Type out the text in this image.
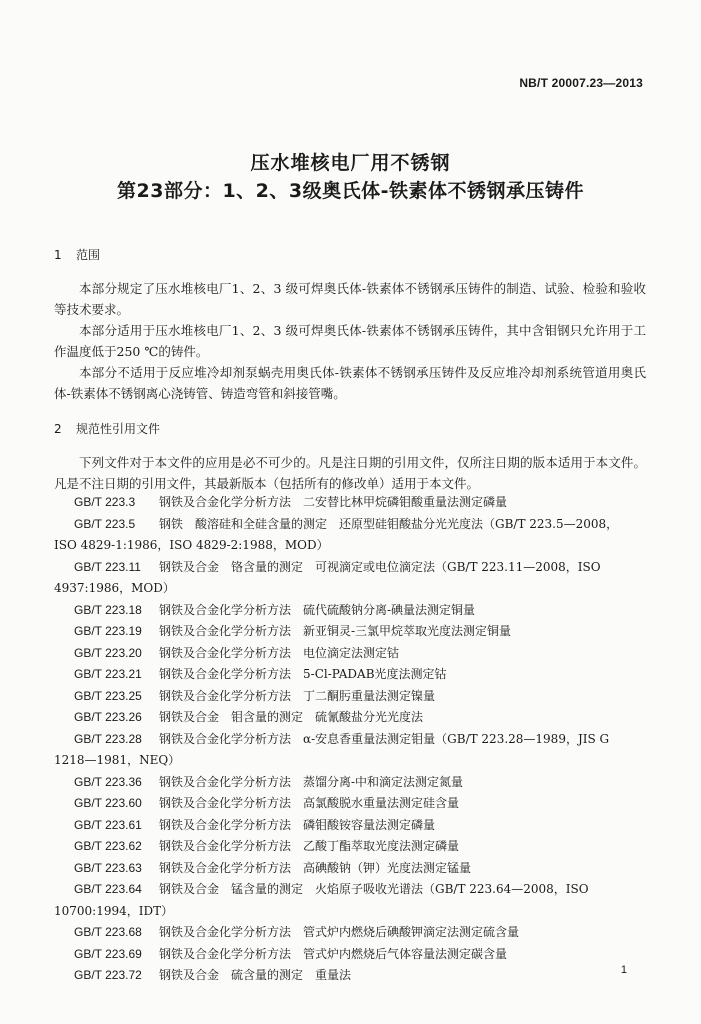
NB/T 20007.23—2013
压水堆核电厂用不锈钢
第23部分：1、2、3级奥氏体-铁素体不锈钢承压铸件
1 范围
本部分规定了压水堆核电厂1、2、3 级可焊奥氏体-铁素体不锈钢承压铸件的制造、试验、检验和验收等技术要求。
本部分适用于压水堆核电厂1、2、3 级可焊奥氏体-铁素体不锈钢承压铸件，其中含钼钢只允许用于工作温度低于250 ℃的铸件。
本部分不适用于反应堆冷却剂泵蜗壳用奥氏体-铁素体不锈钢承压铸件及反应堆冷却剂系统管道用奥氏体-铁素体不锈钢离心浇铸管、铸造弯管和斜接管嘴。
2 规范性引用文件
下列文件对于本文件的应用是必不可少的。凡是注日期的引用文件，仅所注日期的版本适用于本文件。凡是不注日期的引用文件，其最新版本（包括所有的修改单）适用于本文件。
GB/T 223.3 钢铁及合金化学分析方法　二安替比林甲烷磷钼酸重量法测定磷量
GB/T 223.5 钢铁　酸溶硅和全硅含量的测定　还原型硅钼酸盐分光光度法（GB/T 223.5—2008，
ISO 4829-1:1986，ISO 4829-2:1988，MOD）
GB/T 223.11 钢铁及合金　铬含量的测定　可视滴定或电位滴定法（GB/T 223.11—2008，ISO
4937:1986，MOD）
GB/T 223.18 钢铁及合金化学分析方法　硫代硫酸钠分离-碘量法测定铜量
GB/T 223.19 钢铁及合金化学分析方法　新亚铜灵-三氯甲烷萃取光度法测定铜量
GB/T 223.20 钢铁及合金化学分析方法　电位滴定法测定钴
GB/T 223.21 钢铁及合金化学分析方法　5-Cl-PADAB光度法测定钴
GB/T 223.25 钢铁及合金化学分析方法　丁二酮肟重量法测定镍量
GB/T 223.26 钢铁及合金　钼含量的测定　硫氰酸盐分光光度法
GB/T 223.28 钢铁及合金化学分析方法　α-安息香重量法测定钼量（GB/T 223.28—1989，JIS G
1218—1981，NEQ）
GB/T 223.36 钢铁及合金化学分析方法　蒸馏分离-中和滴定法测定氮量
GB/T 223.60 钢铁及合金化学分析方法　高氯酸脱水重量法测定硅含量
GB/T 223.61 钢铁及合金化学分析方法　磷钼酸铵容量法测定磷量
GB/T 223.62 钢铁及合金化学分析方法　乙酸丁酯萃取光度法测定磷量
GB/T 223.63 钢铁及合金化学分析方法　高碘酸钠（钾）光度法测定锰量
GB/T 223.64 钢铁及合金　锰含量的测定　火焰原子吸收光谱法（GB/T 223.64—2008，ISO
10700:1994，IDT）
GB/T 223.68 钢铁及合金化学分析方法　管式炉内燃烧后碘酸钾滴定法测定硫含量
GB/T 223.69 钢铁及合金化学分析方法　管式炉内燃烧后气体容量法测定碳含量
GB/T 223.72 钢铁及合金　硫含量的测定　重量法	1
